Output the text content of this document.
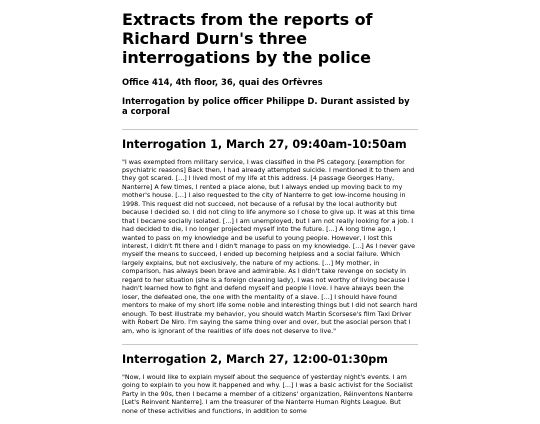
Extracts from the reports of Richard Durn's three interrogations by the police

Office 414, 4th floor, 36, quai des Orfèvres

Interrogation by police officer Philippe D. Durant assisted by a corporal

Interrogation 1, March 27, 09:40am-10:50am

"I was exempted from military service, I was classified in the PS category. [exemption for psychiatric reasons] Back then, I had already attempted suicide. I mentioned it to them and they got scared. [...] I lived most of my life at this address. [4 passage Georges Hany, Nanterre] A few times, I rented a place alone, but I always ended up moving back to my mother's house. [...] I also requested to the city of Nanterre to get low-income housing in 1998. This request did not succeed, not because of a refusal by the local authority but because I decided so. I did not cling to life anymore so I chose to give up. It was at this time that I became socially isolated. [...] I am unemployed, but I am not really looking for a job. I had decided to die, I no longer projected myself into the future. [...] A long time ago, I wanted to pass on my knowledge and be useful to young people. However, I lost this interest, I didn't fit there and I didn't manage to pass on my knowledge. [...] As I never gave myself the means to succeed, I ended up becoming helpless and a social failure. Which largely explains, but not exclusively, the nature of my actions. [...] My mother, in comparison, has always been brave and admirable. As I didn't take revenge on society in regard to her situation (she is a foreign cleaning lady), I was not worthy of living because I hadn't learned how to fight and defend myself and people I love. I have always been the loser, the defeated one, the one with the mentality of a slave. [...] I should have found mentors to make of my short life some noble and interesting things but I did not search hard enough. To best illustrate my behavior, you should watch Martin Scorsese's film Taxi Driver with Robert De Niro. I'm saying the same thing over and over, but the asocial person that I am, who is ignorant of the realities of life does not deserve to live."

Interrogation 2, March 27, 12:00-01:30pm

"Now, I would like to explain myself about the sequence of yesterday night's events. I am going to explain to you how it happened and why. [...] I was a basic activist for the Socialist Party in the 90s, then I became a member of a citizens' organization, Réinventons Nanterre [Let's Reinvent Nanterre]. I am the treasurer of the Nanterre Human Rights League. But none of these activities and functions, in addition to some
